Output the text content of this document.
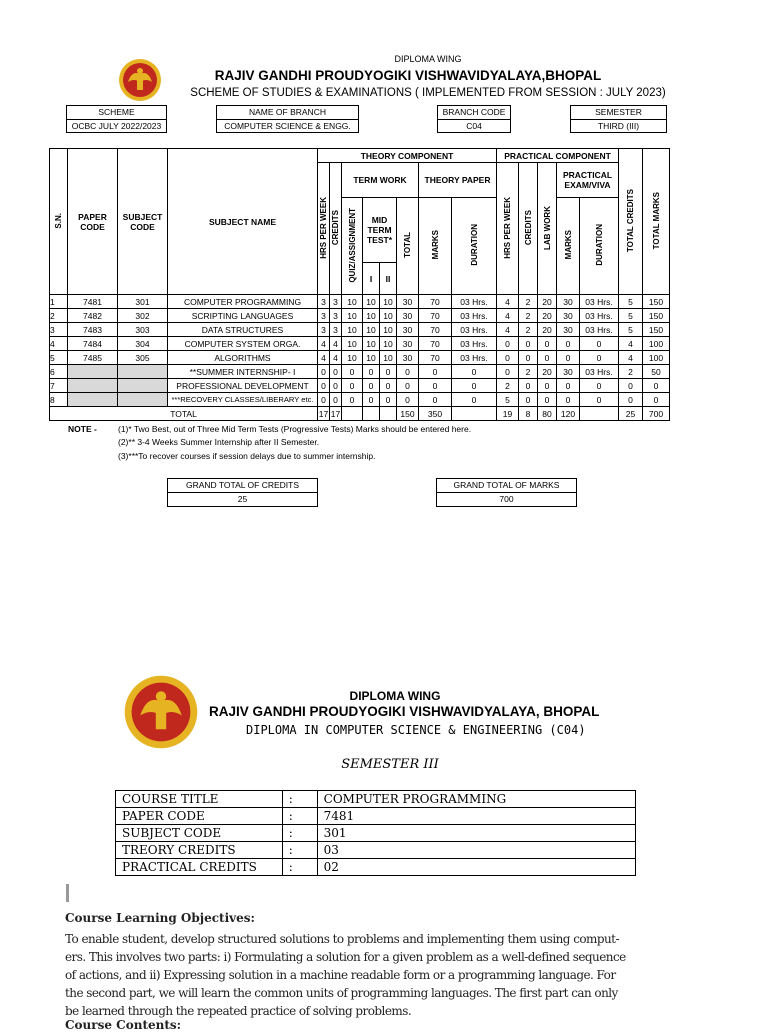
DIPLOMA WING
RAJIV GANDHI PROUDYOGIKI VISHWAVIDYALAYA,BHOPAL
SCHEME OF STUDIES & EXAMINATIONS ( IMPLEMENTED FROM SESSION : JULY 2023)
SCHEME
OCBC JULY 2022/2023
NAME OF BRANCH
COMPUTER SCIENCE & ENGG.
BRANCH CODE
C04
SEMESTER
THIRD (III)
S.N.	PAPER CODE	SUBJECT CODE	SUBJECT NAME	THEORY COMPONENT								PRACTICAL COMPONENT					TOTAL CREDITS	TOTAL MARKS
				HRS PER WEEK	CREDITS	TERM WORK				THEORY PAPER		HRS PER WEEK	CREDITS	LAB WORK	PRACTICAL EXAM/VIVA			
						QUIZ/ASSIGNMENT	MID TERM TEST*		TOTAL	MARKS	DURATION				MARKS	DURATION		
							I	II										
1	7481	301	COMPUTER PROGRAMMING	3	3	10	10	10	30	70	03 Hrs.	4	2	20	30	03 Hrs.	5	150
2	7482	302	SCRIPTING LANGUAGES	3	3	10	10	10	30	70	03 Hrs.	4	2	20	30	03 Hrs.	5	150
3	7483	303	DATA STRUCTURES	3	3	10	10	10	30	70	03 Hrs.	4	2	20	30	03 Hrs.	5	150
4	7484	304	COMPUTER SYSTEM ORGA.	4	4	10	10	10	30	70	03 Hrs.	0	0	0	0	0	4	100
5	7485	305	ALGORITHMS	4	4	10	10	10	30	70	03 Hrs.	0	0	0	0	0	4	100
6			**SUMMER INTERNSHIP- I	0	0	0	0	0	0	0	0	0	2	20	30	03 Hrs.	2	50
7			PROFESSIONAL DEVELOPMENT	0	0	0	0	0	0	0	0	2	0	0	0	0	0	0
8			***RECOVERY CLASSES/LIBERARY etc.	0	0	0	0	0	0	0	0	5	0	0	0	0	0	0
TOTAL				17	17				150	350		19	8	80	120		25	700
NOTE - (1)* Two Best, out of Three Mid Term Tests (Progressive Tests) Marks should be entered here.
(2)** 3-4 Weeks Summer Internship after II Semester.
(3)***To recover courses if session delays due to summer internship.
GRAND TOTAL OF CREDITS
25
GRAND TOTAL OF MARKS
700
DIPLOMA WING
RAJIV GANDHI PROUDYOGIKI VISHWAVIDYALAYA, BHOPAL
DIPLOMA IN COMPUTER SCIENCE & ENGINEERING (C04)
SEMESTER III
COURSE TITLE	:	COMPUTER PROGRAMMING
PAPER CODE	:	7481
SUBJECT CODE	:	301
TREORY CREDITS	:	03
PRACTICAL CREDITS	:	02
Course Learning Objectives:
To enable student, develop structured solutions to problems and implementing them using comput-
ers. This involves two parts: i) Formulating a solution for a given problem as a well-defined sequence
of actions, and ii) Expressing solution in a machine readable form or a programming language. For
the second part, we will learn the common units of programming languages. The first part can only
be learned through the repeated practice of solving problems.
Course Contents:
